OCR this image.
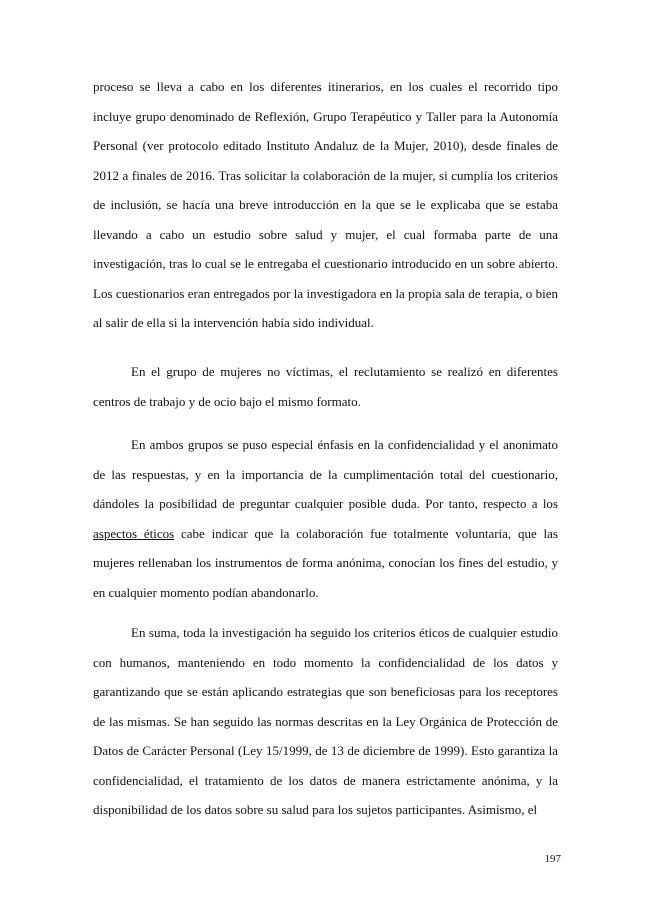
proceso se lleva a cabo en los diferentes itinerarios, en los cuales el recorrido tipo incluye grupo denominado de Reflexión, Grupo Terapéutico y Taller para la Autonomía Personal (ver protocolo editado Instituto Andaluz de la Mujer, 2010), desde finales de 2012 a finales de 2016. Tras solicitar la colaboración de la mujer, si cumplía los criterios de inclusión, se hacía una breve introducción en la que se le explicaba que se estaba llevando a cabo un estudio sobre salud y mujer, el cual formaba parte de una investigación, tras lo cual se le entregaba el cuestionario introducido en un sobre abierto. Los cuestionarios eran entregados por la investigadora en la propia sala de terapia, o bien al salir de ella si la intervención había sido individual.

En el grupo de mujeres no víctimas, el reclutamiento se realizó en diferentes centros de trabajo y de ocio bajo el mismo formato.

En ambos grupos se puso especial énfasis en la confidencialidad y el anonimato de las respuestas, y en la importancia de la cumplimentación total del cuestionario, dándoles la posibilidad de preguntar cualquier posible duda. Por tanto, respecto a los aspectos éticos cabe indicar que la colaboración fue totalmente voluntaria, que las mujeres rellenaban los instrumentos de forma anónima, conocían los fines del estudio, y en cualquier momento podían abandonarlo.

En suma, toda la investigación ha seguido los criterios éticos de cualquier estudio con humanos, manteniendo en todo momento la confidencialidad de los datos y garantizando que se están aplicando estrategias que son beneficiosas para los receptores de las mismas. Se han seguido las normas descritas en la Ley Orgánica de Protección de Datos de Carácter Personal (Ley 15/1999, de 13 de diciembre de 1999). Esto garantiza la confidencialidad, el tratamiento de los datos de manera estrictamente anónima, y la disponibilidad de los datos sobre su salud para los sujetos participantes. Asimismo, el

197
